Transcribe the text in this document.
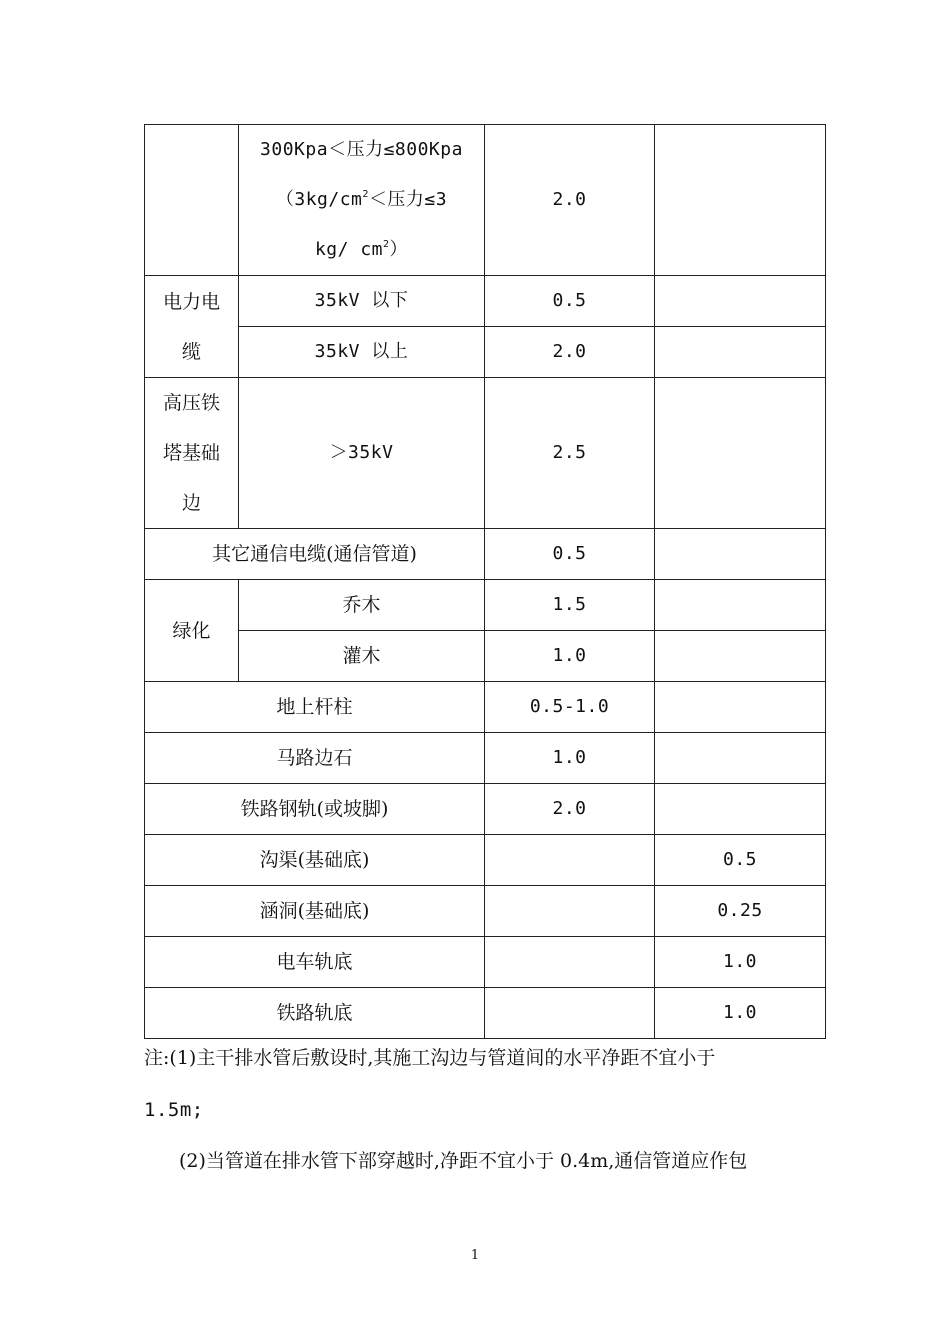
	300Kpa＜压力≤800Kpa
（$3kg/cm^2<$压力≤3
kg/ $cm^2$）	2.0	

电力电
缆	35kV 以下	0.5	
	35kV 以上	2.0	

高压铁
塔基础
边	＞35kV	2.5	
其它通信电缆(通信管道)		0.5	
绿化	乔木	1.5	
	灌木	1.0	
地上杆柱		0.5-1.0	
马路边石		1.0	
铁路钢轨(或坡脚)		2.0	
沟渠(基础底)			0.5
涵洞(基础底)			0.25
电车轨底			1.0
铁路轨底			1.0
注:(1)主干排水管后敷设时,其施工沟边与管道间的水平净距不宜小于
1.5m;
(2)当管道在排水管下部穿越时,净距不宜小于 0.4m,通信管道应作包
1
